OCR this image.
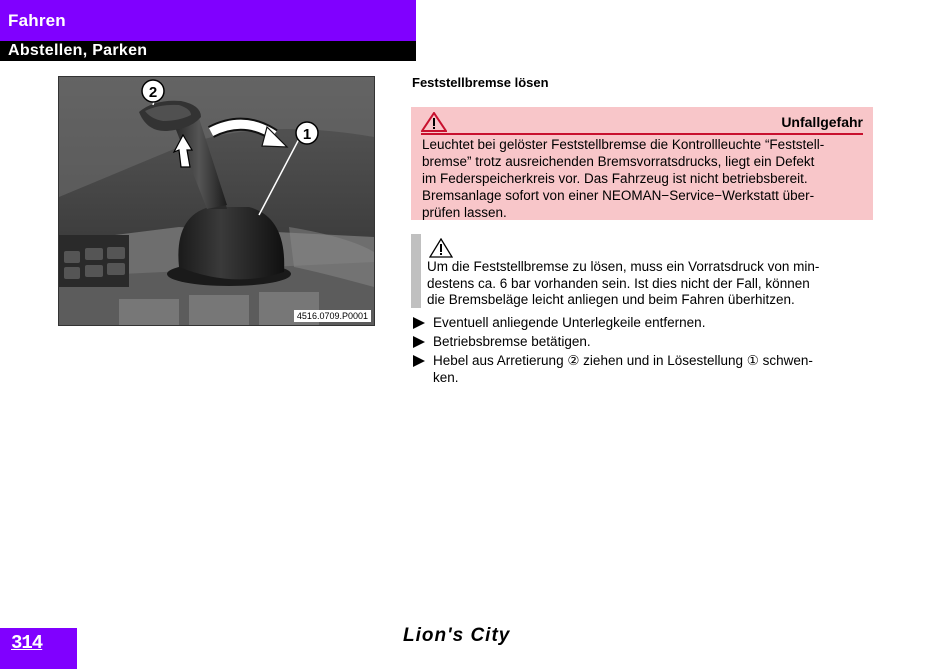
Fahren
Abstellen, Parken
2
1
4516.0709.P0001
Feststellbremse lösen
Unfallgefahr
Leuchtet bei gelöster Feststellbremse die Kontrollleuchte “Feststell-
bremse” trotz ausreichenden Bremsvorratsdrucks, liegt ein Defekt
im Federspeicherkreis vor. Das Fahrzeug ist nicht betriebsbereit.
Bremsanlage sofort von einer NEOMAN−Service−Werkstatt über-
prüfen lassen.
Um die Feststellbremse zu lösen, muss ein Vorratsdruck von min-
destens ca. 6 bar vorhanden sein. Ist dies nicht der Fall, können
die Bremsbeläge leicht anliegen und beim Fahren überhitzen.
Eventuell anliegende Unterlegkeile entfernen.
Betriebsbremse betätigen.
Hebel aus Arretierung ② ziehen und in Lösestellung ① schwen-
ken.
314	Lion's City
